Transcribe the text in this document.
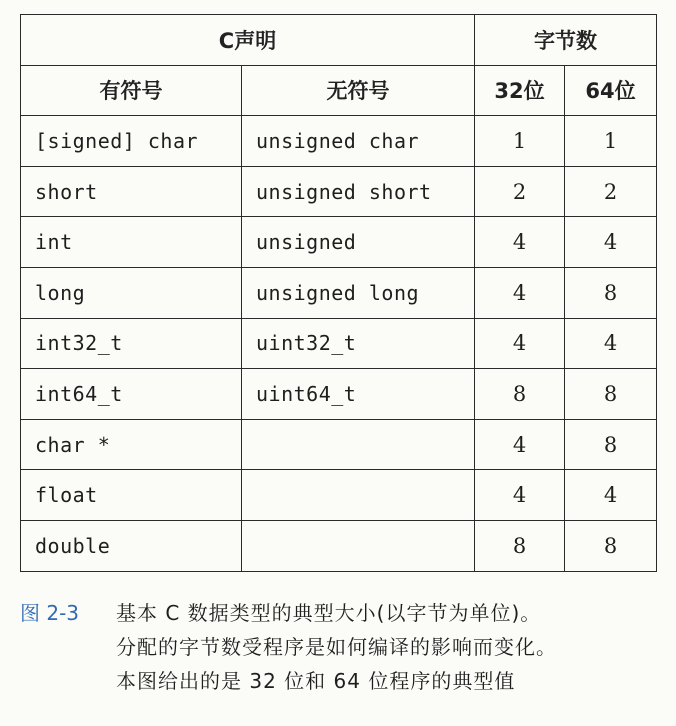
C声明		字节数	
有符号	无符号	32位	64位
[signed] char	unsigned char	1	1
short	unsigned short	2	2
int	unsigned	4	4
long	unsigned long	4	8
int32_t	uint32_t	4	4
int64_t	uint64_t	8	8
char *		4	8
float		4	4
double		8	8
图 2-3 基本 C 数据类型的典型大小(以字节为单位)。
分配的字节数受程序是如何编译的影响而变化。
本图给出的是 32 位和 64 位程序的典型值
